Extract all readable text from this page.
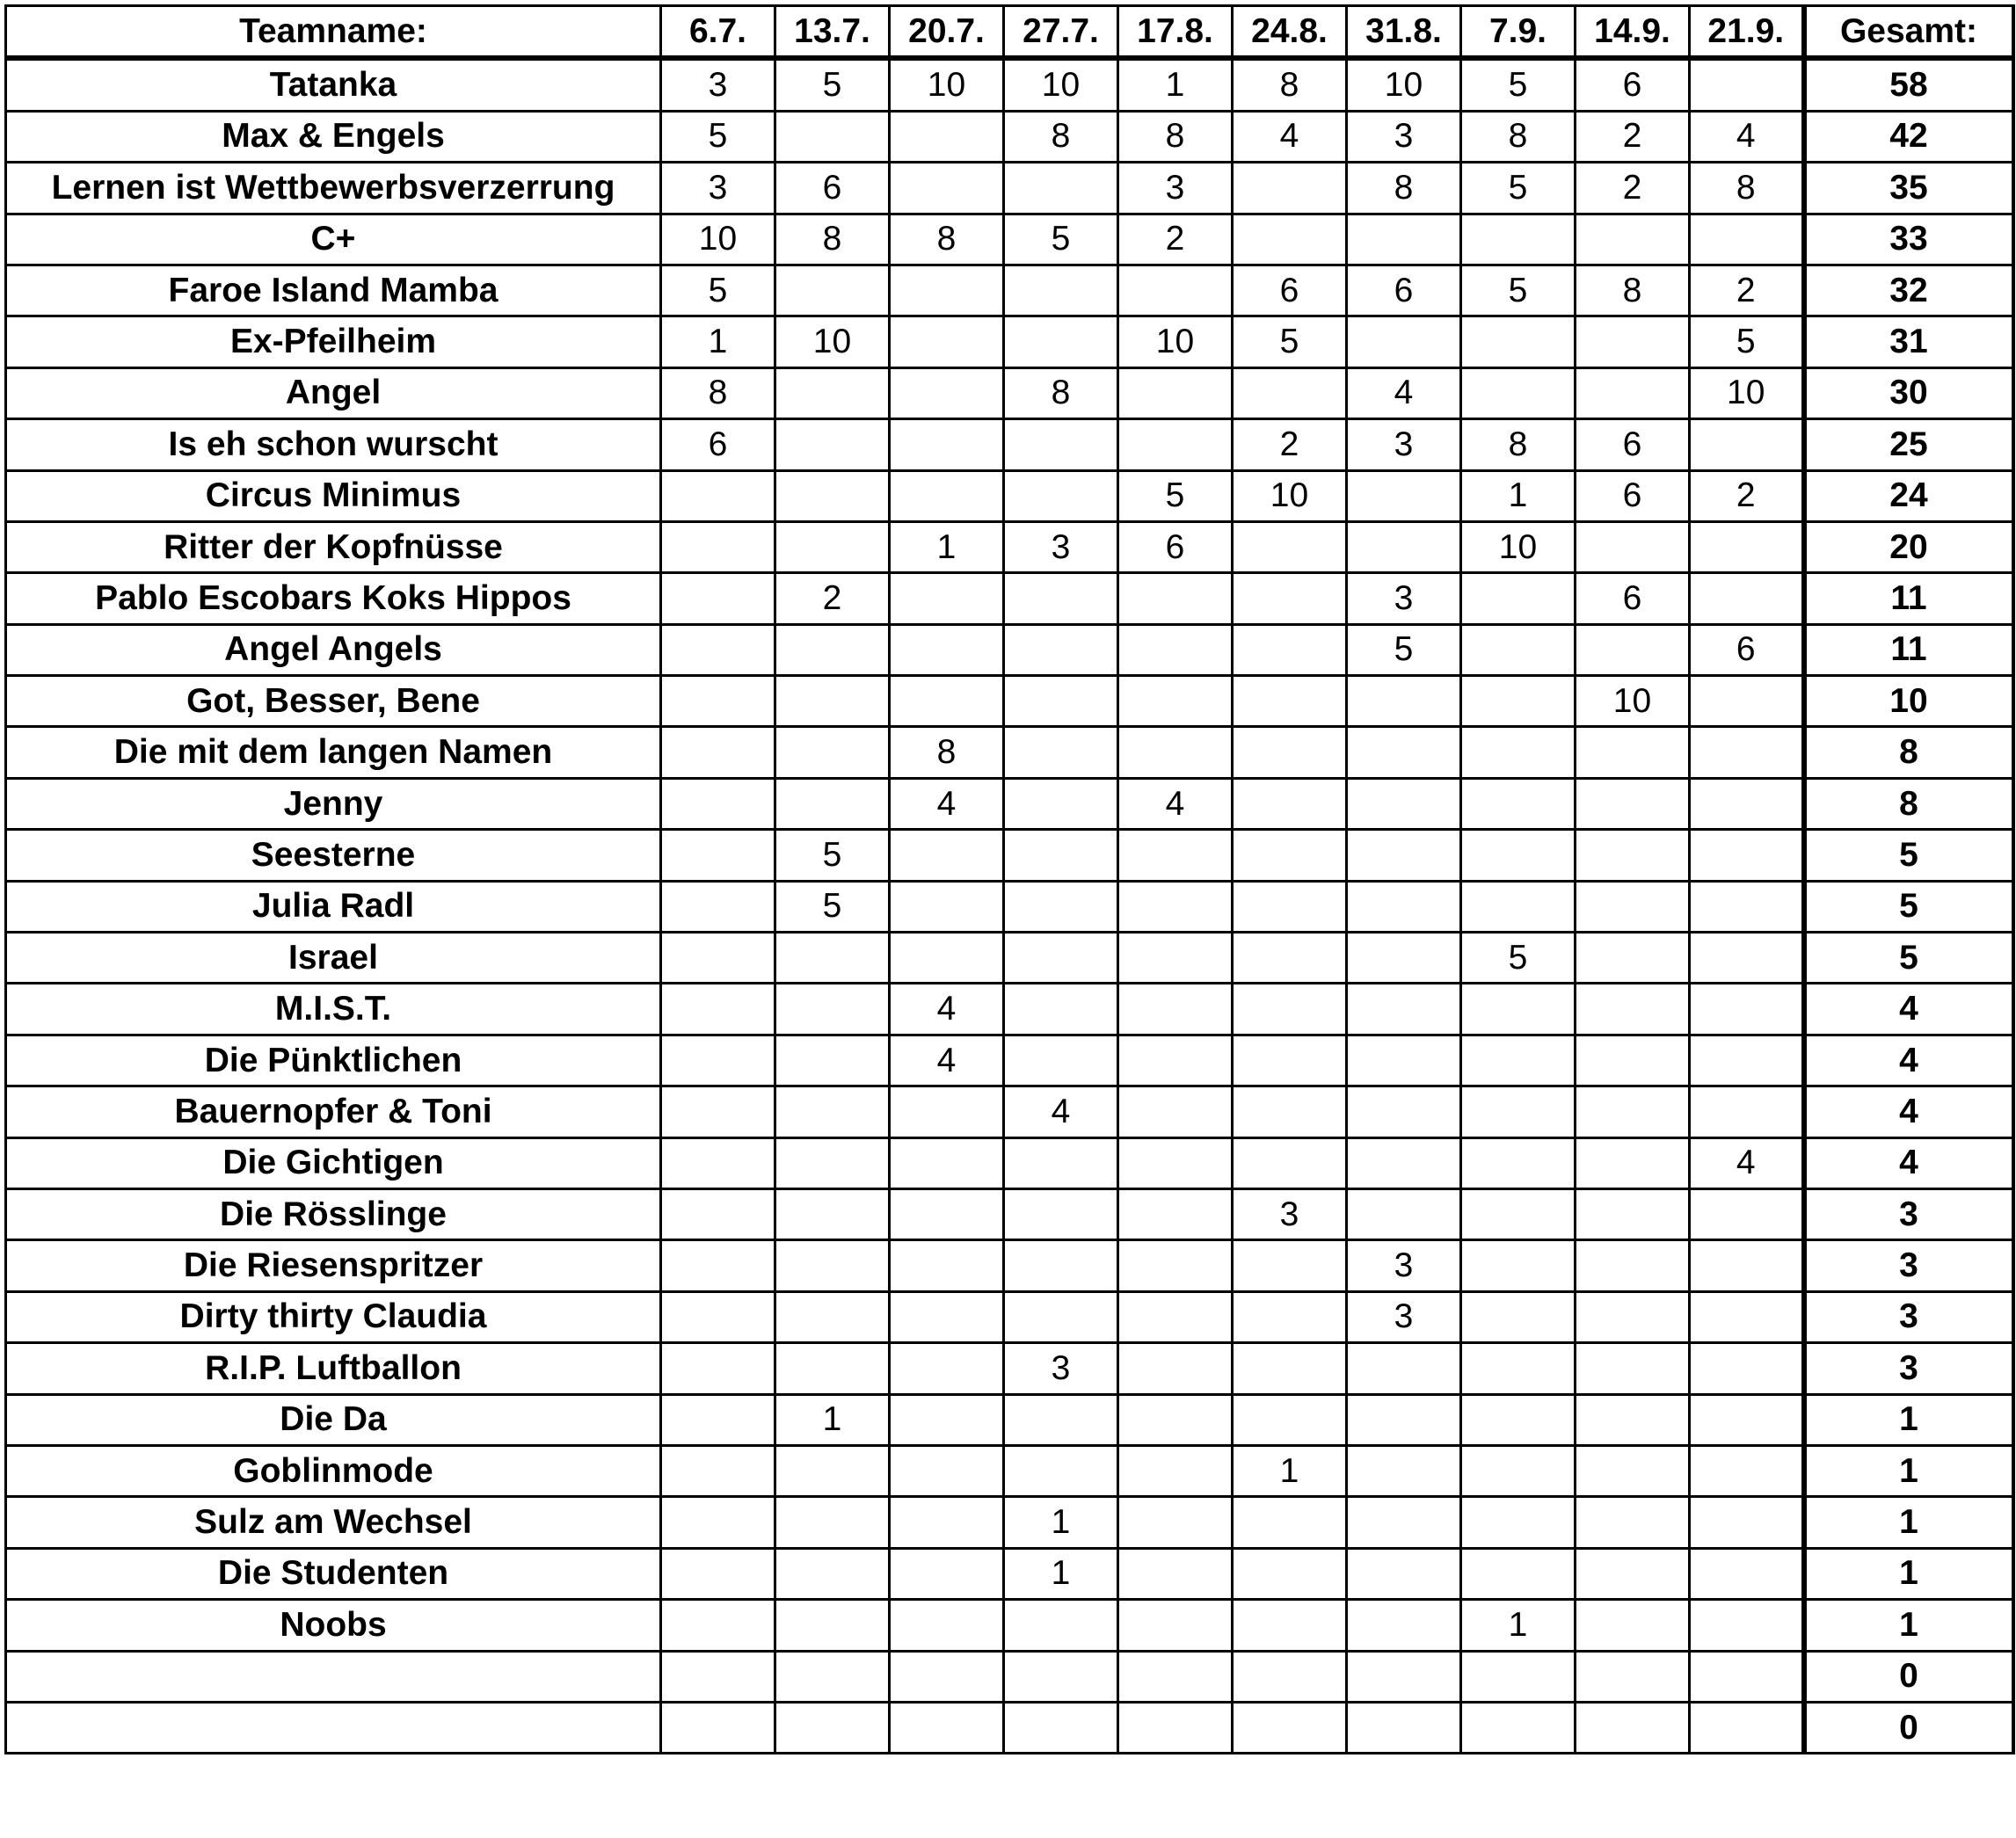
Teamname:	6.7.	13.7.	20.7.	27.7.	17.8.	24.8.	31.8.	7.9.	14.9.	21.9.	Gesamt:
Tatanka	3	5	10	10	1	8	10	5	6		58
Max & Engels	5			8	8	4	3	8	2	4	42
Lernen ist Wettbewerbsverzerrung	3	6			3		8	5	2	8	35
C+	10	8	8	5	2						33
Faroe Island Mamba	5					6	6	5	8	2	32
Ex-Pfeilheim	1	10			10	5				5	31
Angel	8			8			4			10	30
Is eh schon wurscht	6					2	3	8	6		25
Circus Minimus					5	10		1	6	2	24
Ritter der Kopfnüsse			1	3	6			10			20
Pablo Escobars Koks Hippos		2					3		6		11
Angel Angels							5			6	11
Got, Besser, Bene									10		10
Die mit dem langen Namen			8								8
Jenny			4		4						8
Seesterne		5									5
Julia Radl		5									5
Israel								5			5
M.I.S.T.			4								4
Die Pünktlichen			4								4
Bauernopfer & Toni				4							4
Die Gichtigen										4	4
Die Rösslinge						3					3
Die Riesenspritzer							3				3
Dirty thirty Claudia							3				3
R.I.P. Luftballon				3							3
Die Da		1									1
Goblinmode						1					1
Sulz am Wechsel				1							1
Die Studenten				1							1
Noobs								1			1
											0
											0
